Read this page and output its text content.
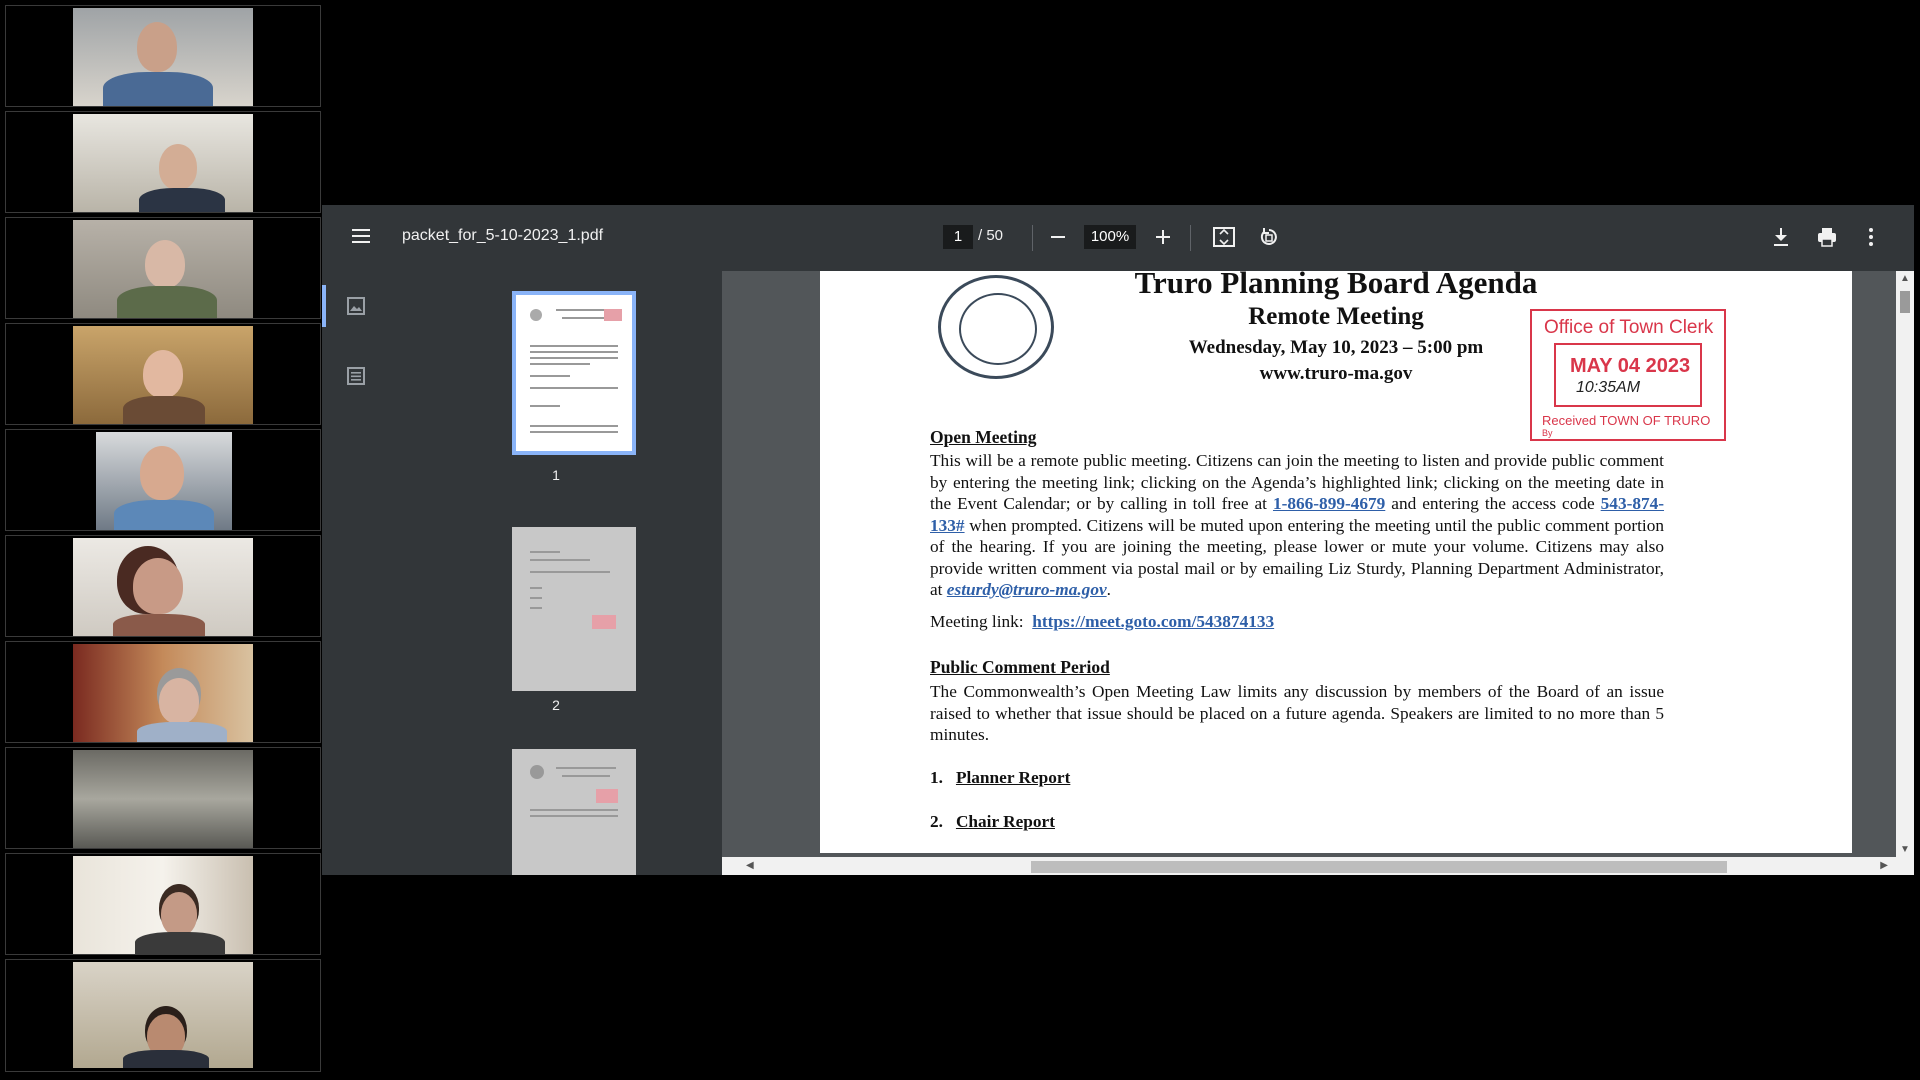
packet_for_5-10-2023_1.pdf	1	/ 50	100%
1
2
Truro Planning Board Agenda
Remote Meeting
Wednesday, May 10, 2023 – 5:00 pm
www.truro-ma.gov
Office of Town Clerk
MAY 04 2023
10:35AM
Received TOWN OF TRURO
By
Open Meeting
This will be a remote public meeting. Citizens can join the meeting to listen and provide public comment by entering the meeting link; clicking on the Agenda’s highlighted link; clicking on the meeting date in the Event Calendar; or by calling in toll free at 1-866-899-4679 and entering the access code 543-874-133# when prompted. Citizens will be muted upon entering the meeting until the public comment portion of the hearing. If you are joining the meeting, please lower or mute your volume. Citizens may also provide written comment via postal mail or by emailing Liz Sturdy, Planning Department Administrator, at esturdy@truro-ma.gov.
Meeting link: https://meet.goto.com/543874133
Public Comment Period
The Commonwealth’s Open Meeting Law limits any discussion by members of the Board of an issue raised to whether that issue should be placed on a future agenda. Speakers are limited to no more than 5 minutes.
1. Planner Report
2. Chair Report
▲
▼
◀	▶
